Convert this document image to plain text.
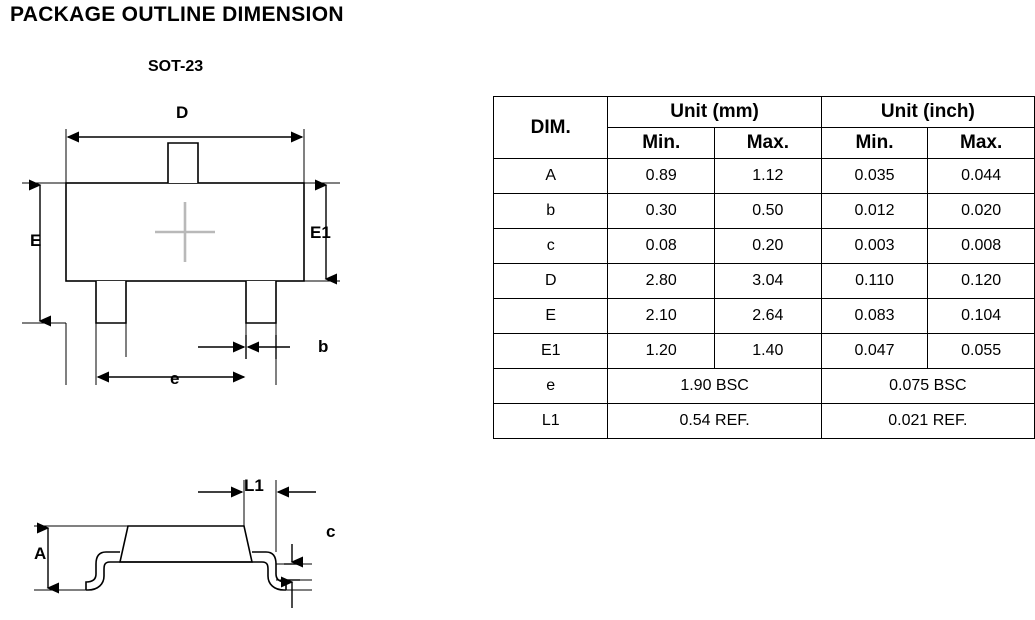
PACKAGE OUTLINE DIMENSION
SOT-23
D
E	E1
b
e
A
L1
c
DIM.	Unit (mm)		Unit (inch)	
	Min.	Max.	Min.	Max.
A	0.89	1.12	0.035	0.044
b	0.30	0.50	0.012	0.020
c	0.08	0.20	0.003	0.008
D	2.80	3.04	0.110	0.120
E	2.10	2.64	0.083	0.104
E1	1.20	1.40	0.047	0.055
e	1.90 BSC		0.075 BSC	
L1	0.54 REF.		0.021 REF.	
